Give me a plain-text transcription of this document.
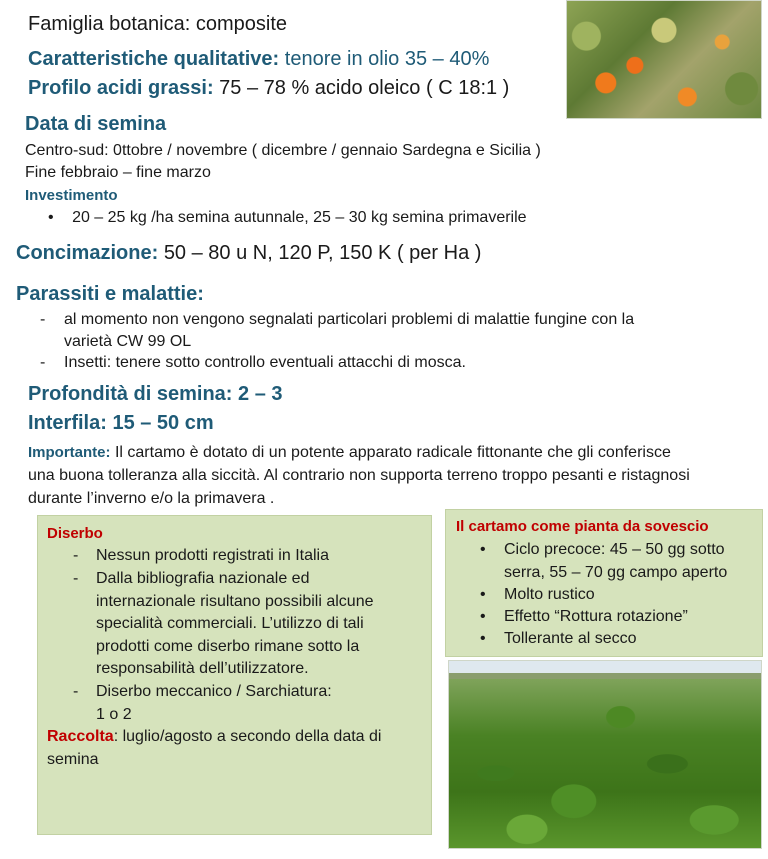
Famiglia botanica: composite
Caratteristiche qualitative: tenore in olio 35 – 40%
Profilo acidi grassi: 75 – 78 % acido oleico ( C 18:1 )
Data di semina
Centro-sud: 0ttobre / novembre ( dicembre / gennaio Sardegna e Sicilia )
Fine febbraio – fine marzo
Investimento
• 20 – 25 kg /ha semina autunnale, 25 – 30 kg semina primaverile
Concimazione: 50 – 80 u N, 120 P, 150 K ( per Ha )
Parassiti e malattie:
- al momento non vengono segnalati particolari problemi di malattie fungine con la
varietà CW 99 OL
- Insetti: tenere sotto controllo eventuali attacchi di mosca.
Profondità di semina: 2 – 3
Interfila: 15 – 50 cm
Importante: Il cartamo è dotato di un potente apparato radicale fittonante che gli conferisce
una buona tolleranza alla siccità. Al contrario non supporta terreno troppo pesanti e ristagnosi
durante l’inverno e/o la primavera .
Diserbo
- Nessun prodotti registrati in Italia
- Dalla bibliografia nazionale ed
internazionale risultano possibili alcune
specialità commerciali. L’utilizzo di tali
prodotti come diserbo rimane sotto la
responsabilità dell’utilizzatore.
- Diserbo meccanico / Sarchiatura:
1 o 2
Raccolta: luglio/agosto a secondo della data di
semina
Il cartamo come pianta da sovescio
• Ciclo precoce: 45 – 50 gg sotto
serra, 55 – 70 gg campo aperto
• Molto rustico
• Effetto “Rottura rotazione”
• Tollerante al secco
